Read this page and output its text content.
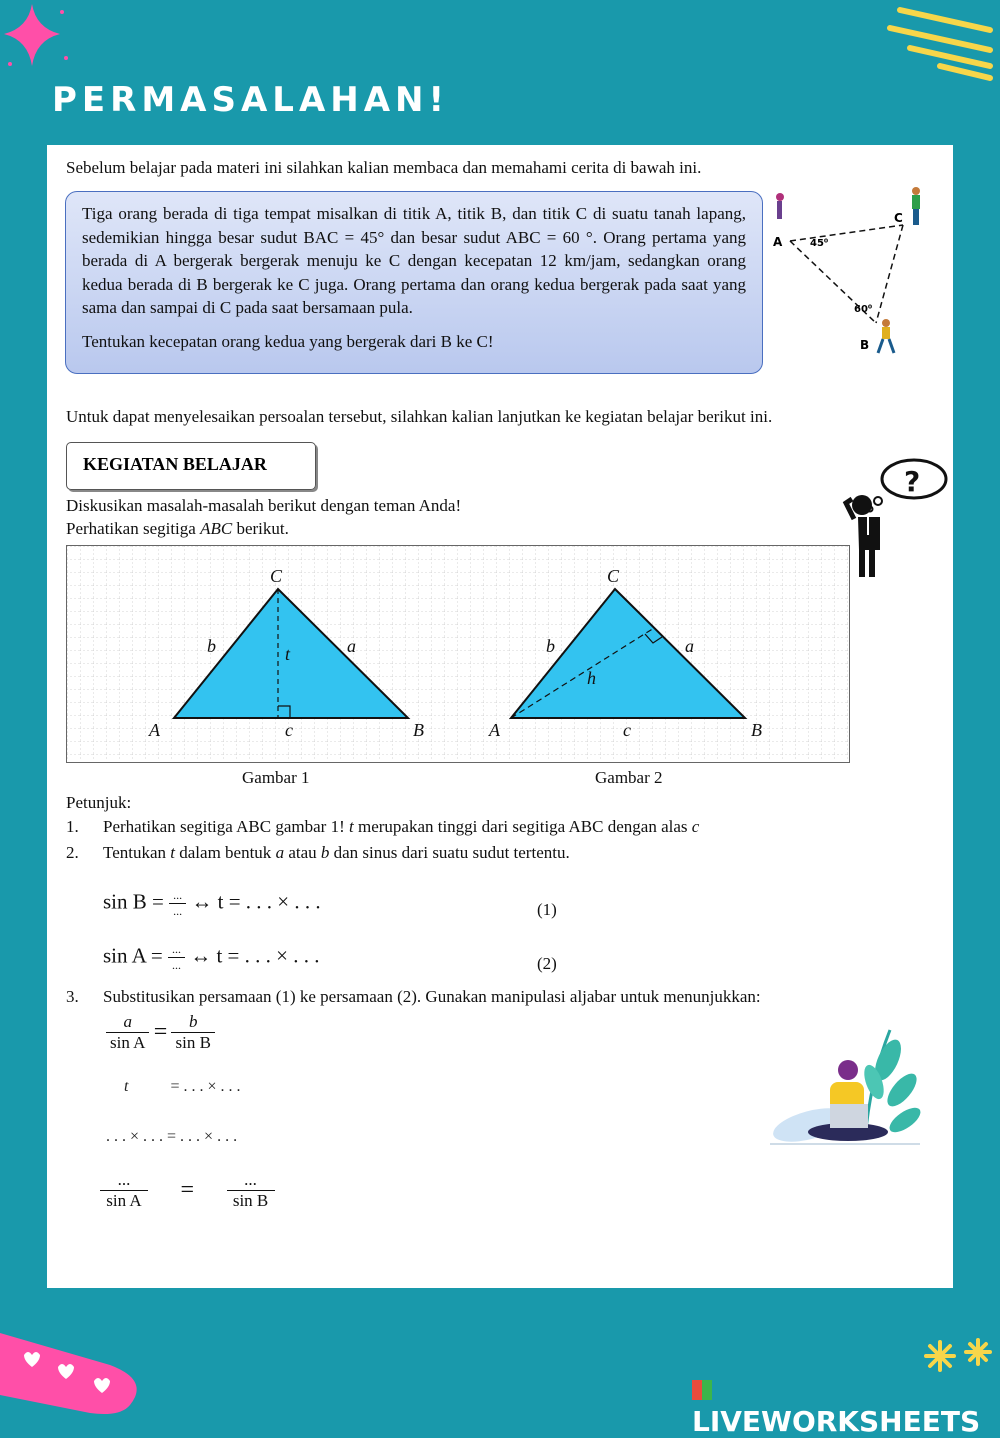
PERMASALAHAN!
Sebelum belajar pada materi ini silahkan kalian membaca dan memahami cerita di bawah ini.

Tiga orang berada di tiga tempat misalkan di titik A, titik B, dan titik C di suatu tanah lapang, sedemikian hingga besar sudut BAC = 45° dan besar sudut ABC = 60 °. Orang pertama yang berada di A bergerak bergerak menuju ke C dengan kecepatan 12 km/jam, sedangkan orang kedua berada di B bergerak ke C juga. Orang pertama dan orang kedua bergerak pada saat yang sama dan sampai di C pada saat bersamaan pula.

Tentukan kecepatan orang kedua yang bergerak dari B ke C!

A
C
B
45⁰
60⁰
Untuk dapat menyelesaikan persoalan tersebut, silahkan kalian lanjutkan ke kegiatan belajar berikut ini.
KEGIATAN BELAJAR
Diskusikan masalah-masalah berikut dengan teman Anda!
Perhatikan segitiga ABC berikut.
?
C
A	B
b	a
t
c
C
A	B
b	a
h
c
Gambar 1	Gambar 2
Petunjuk:
1. Perhatikan segitiga ABC gambar 1! t merupakan tinggi dari segitiga ABC dengan alas c
2. Tentukan t dalam bentuk a atau b dan sinus dari suatu sudut tertentu.
$\sin B = \frac{...}{...}$ ↔ t = . . . × . . .	(1)
$\sin A = \frac{...}{...}$ ↔ t = . . . × . . .	(2)
3. Substitusikan persamaan (1) ke persamaan (2). Gunakan manipulasi aljabar untuk menunjukkan:
$\frac{a}{\text{sin A}} = \frac{b}{\text{sin B}}$
t	= . . . × . . .
. . . × . . . = . . . × . . .
$\frac{...}{\text{sin A}} = \frac{...}{\text{sin B}}$
LIVEWORKSHEETS
